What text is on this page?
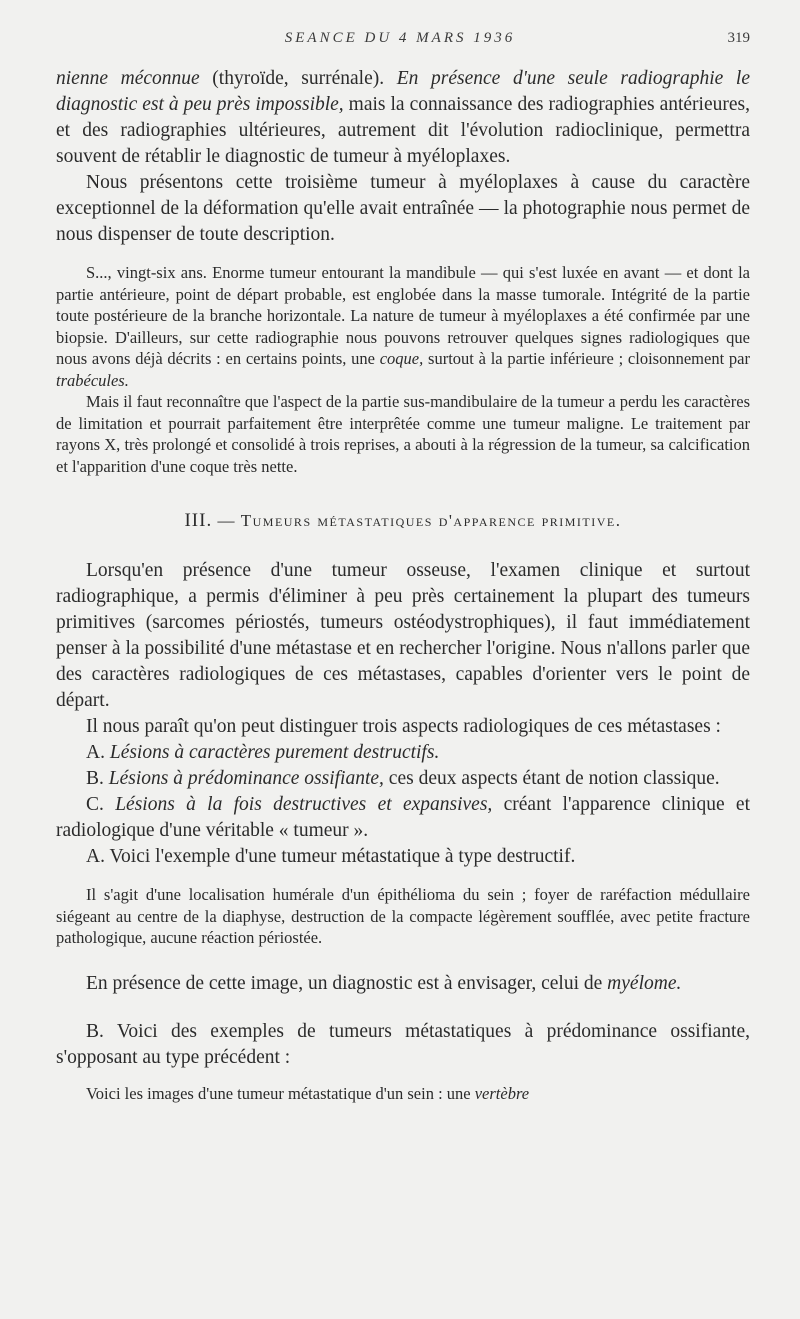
SEANCE DU 4 MARS 1936	319

nienne méconnue (thyroïde, surrénale). En présence d'une seule radiographie le diagnostic est à peu près impossible, mais la connaissance des radiographies antérieures, et des radiographies ultérieures, autrement dit l'évolution radioclinique, permettra souvent de rétablir le diagnostic de tumeur à myéloplaxes.

Nous présentons cette troisième tumeur à myéloplaxes à cause du caractère exceptionnel de la déformation qu'elle avait entraînée — la photographie nous permet de nous dispenser de toute description.

S..., vingt-six ans. Enorme tumeur entourant la mandibule — qui s'est luxée en avant — et dont la partie antérieure, point de départ probable, est englobée dans la masse tumorale. Intégrité de la partie toute postérieure de la branche horizontale. La nature de tumeur à myéloplaxes a été confirmée par une biopsie. D'ailleurs, sur cette radiographie nous pouvons retrouver quelques signes radiologiques que nous avons déjà décrits : en certains points, une coque, surtout à la partie inférieure ; cloisonnement par trabécules.

Mais il faut reconnaître que l'aspect de la partie sus-mandibulaire de la tumeur a perdu les caractères de limitation et pourrait parfaitement être interprêtée comme une tumeur maligne. Le traitement par rayons X, très prolongé et consolidé à trois reprises, a abouti à la régression de la tumeur, sa calcification et l'apparition d'une coque très nette.

III. — Tumeurs métastatiques d'apparence primitive.

Lorsqu'en présence d'une tumeur osseuse, l'examen clinique et surtout radiographique, a permis d'éliminer à peu près certainement la plupart des tumeurs primitives (sarcomes périostés, tumeurs ostéodystrophiques), il faut immédiatement penser à la possibilité d'une métastase et en rechercher l'origine. Nous n'allons parler que des caractères radiologiques de ces métastases, capables d'orienter vers le point de départ.

Il nous paraît qu'on peut distinguer trois aspects radiologiques de ces métastases :

A. Lésions à caractères purement destructifs.

B. Lésions à prédominance ossifiante, ces deux aspects étant de notion classique.

C. Lésions à la fois destructives et expansives, créant l'apparence clinique et radiologique d'une véritable « tumeur ».

A. Voici l'exemple d'une tumeur métastatique à type destructif.

Il s'agit d'une localisation humérale d'un épithélioma du sein ; foyer de raréfaction médullaire siégeant au centre de la diaphyse, destruction de la compacte légèrement soufflée, avec petite fracture pathologique, aucune réaction périostée.

En présence de cette image, un diagnostic est à envisager, celui de myélome.

B. Voici des exemples de tumeurs métastatiques à prédominance ossifiante, s'opposant au type précédent :

Voici les images d'une tumeur métastatique d'un sein : une vertèbre
